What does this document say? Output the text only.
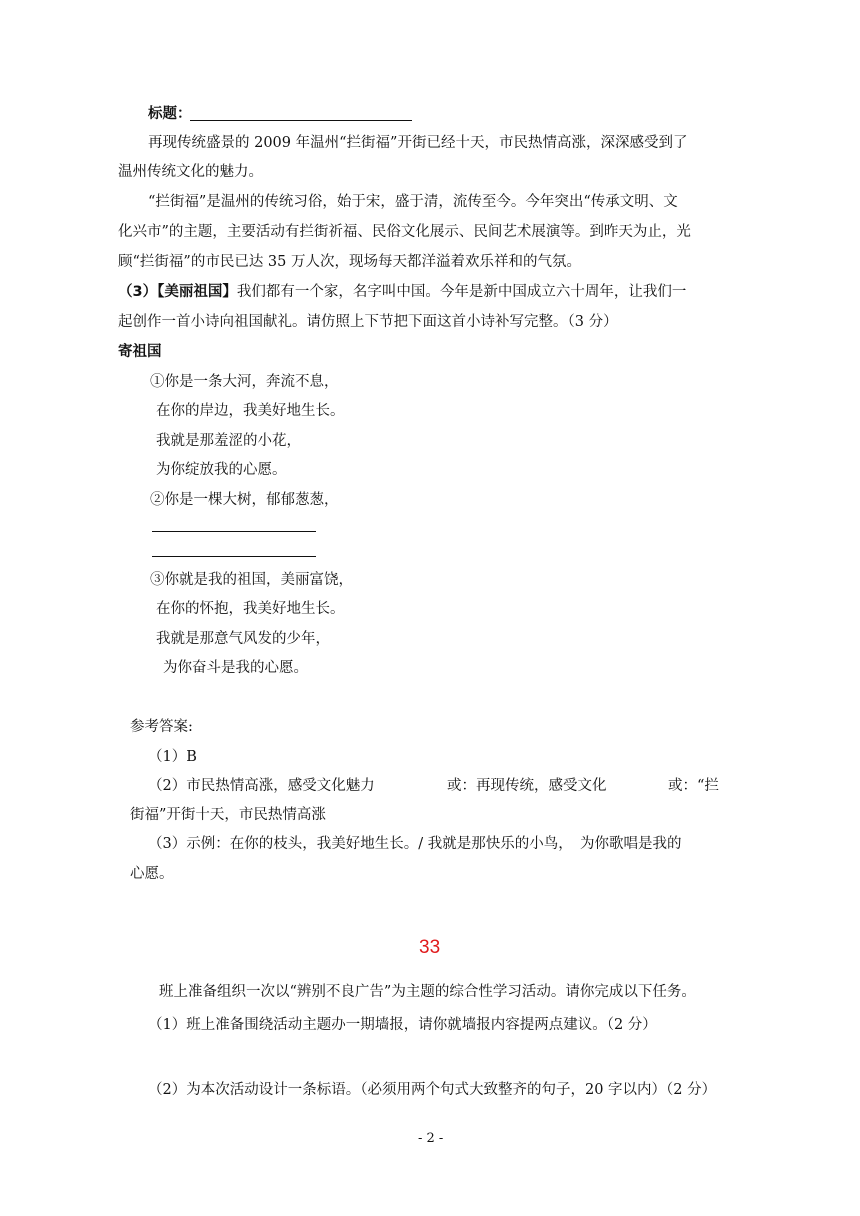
标题：
再现传统盛景的 2009 年温州“拦街福”开街已经十天，市民热情高涨，深深感受到了
温州传统文化的魅力。
“拦街福”是温州的传统习俗，始于宋，盛于清，流传至今。今年突出“传承文明、文
化兴市”的主题，主要活动有拦街祈福、民俗文化展示、民间艺术展演等。到昨天为止，光
顾“拦街福”的市民已达 35 万人次，现场每天都洋溢着欢乐祥和的气氛。
（3）【美丽祖国】我们都有一个家，名字叫中国。今年是新中国成立六十周年，让我们一
起创作一首小诗向祖国献礼。请仿照上下节把下面这首小诗补写完整。（3 分）
寄祖国
①你是一条大河，奔流不息，
在你的岸边，我美好地生长。
我就是那羞涩的小花，
为你绽放我的心愿。
②你是一棵大树，郁郁葱葱，
③你就是我的祖国，美丽富饶，
在你的怀抱，我美好地生长。
我就是那意气风发的少年，
为你奋斗是我的心愿。
参考答案:
（1）B
（2）市民热情高涨，感受文化魅力	或：再现传统，感受文化	或：“拦
街福”开街十天，市民热情高涨
（3）示例：在你的枝头，我美好地生长。/ 我就是那快乐的小鸟，　为你歌唱是我的
心愿。
33
班上准备组织一次以“辨别不良广告”为主题的综合性学习活动。请你完成以下任务。
（1）班上准备围绕活动主题办一期墙报，请你就墙报内容提两点建议。（2 分）
（2）为本次活动设计一条标语。（必须用两个句式大致整齐的句子，20 字以内）（2 分）
- 2 -
